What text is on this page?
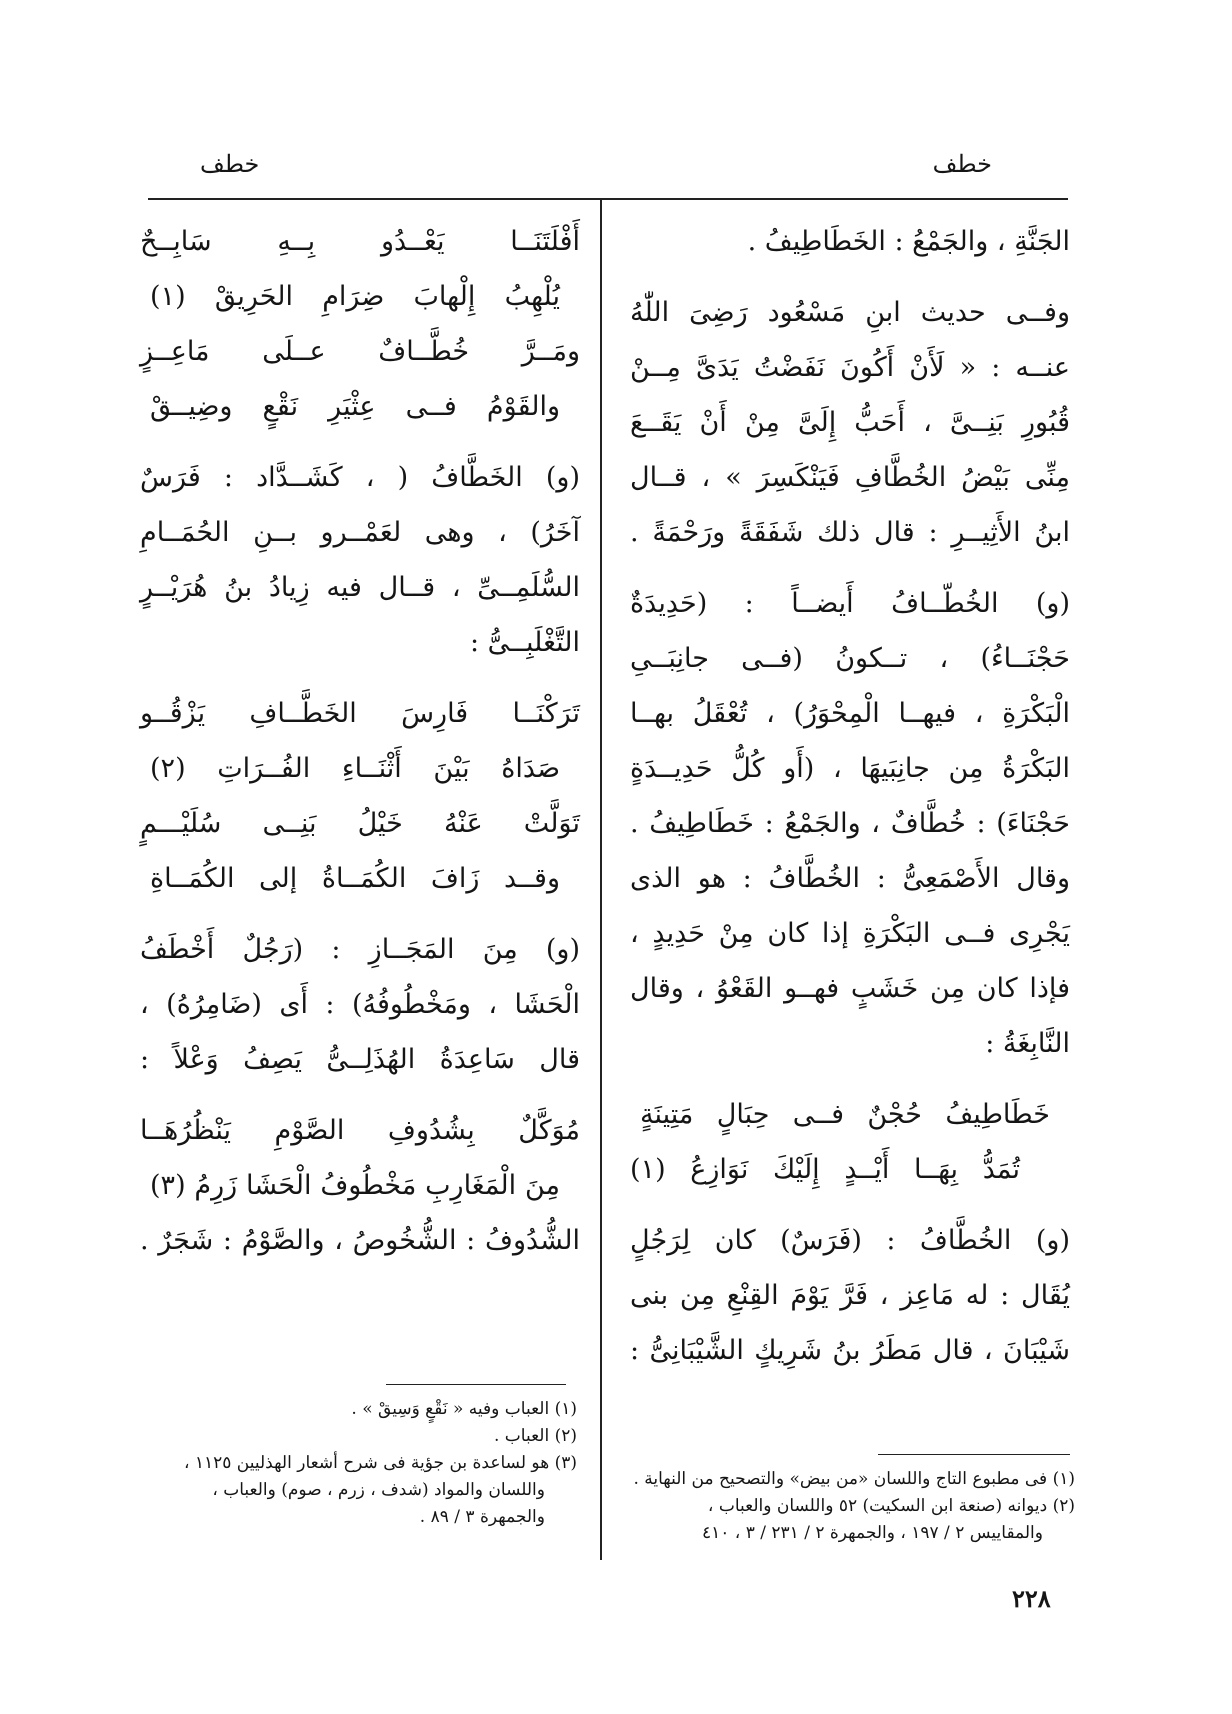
خطف
خطف

الجَنَّةِ ، والجَمْعُ : الخَطَاطِيفُ .

وفــى حديث ابنِ مَسْعُود رَضِىَ اللّٰهُ

عنــه : « لَأَنْ أَكُونَ نَفَضْتُ يَدَىَّ مِــنْ

قُبُورِ بَنِــىَّ ، أَحَبُّ إِلَىَّ مِنْ أَنْ يَقَــعَ

مِنِّى بَيْضُ الخُطَّافِ فَيَنْكَسِرَ » ، قــال

ابنُ الأَثِيــرِ : قال ذلك شَفَقَةً ورَحْمَةً .

(و) الخُطّــافُ أَيضــاً : (حَدِيدَةٌ

حَجْنَــاءُ) ، تــكونُ (فــى جانِبَــىِ

الْبَكْرَةِ ، فيهــا الْمِحْوَرُ) ، تُعْقَلُ بهــا

البَكْرَةُ مِن جانِبَيهَا ، (أَو كُلُّ حَدِيــدَةٍ

حَجْنَاءَ) : خُطَّافٌ ، والجَمْعُ : خَطَاطِيفُ .

وقال الأَصْمَعِىُّ : الخُطَّافُ : هو الذى

يَجْرِى فــى البَكْرَةِ إذا كان مِنْ حَدِيدٍ ،

فإذا كان مِن خَشَبٍ فهــو القَعْوُ ، وقال

النَّابِغَةُ :

خَطَاطِيفُ حُجْنٌ فــى حِبَالٍ مَتِينَةٍ

تُمَدُّ بِهَــا أَيْــدٍ إِلَيْكَ نَوَازِعُ (١)

(و) الخُطَّافُ : (فَرَسٌ) كان لِرَجُلٍ

يُقَال : له مَاعِز ، فَرَّ يَوْمَ القِنْعِ مِن بنى

شَيْبَانَ ، قال مَطَرُ بنُ شَرِيكٍ الشَّيْبَانِىُّ :

أَفْلَتَنَــا يَعْــدُو بِــهِ سَابِــحٌ

يُلْهِبُ إِلْهابَ ضِرَامِ الحَرِيقْ (١)

ومَــرَّ خُطَّــافٌ عــلَى مَاعِــزٍ

والقَوْمُ فــى عِثْيَرِ نَقْعٍ وضِيــقْ

(و) الخَطَّافُ ( ، كَشَــدَّاد : فَرَسٌ

آخَرُ) ، وهى لعَمْــرو بــنِ الحُمَــامِ

السُّلَمِــىِّ ، قــال فيه زِيادُ بنُ هُرَيْــرٍ

التَّغْلَبِــىُّ :

تَرَكْنَــا فَارِسَ الخَطَّــافِ يَزْقُــو

صَدَاهُ بَيْنَ أَثْنَــاءِ الفُــرَاتِ (٢)

تَوَلَّتْ عَنْهُ خَيْلُ بَنِــى سُلَيْـــمٍ

وقــد زَافَ الكُمَــاةُ إلى الكُمَــاةِ

(و) مِنَ المَجَــازِ : (رَجُلٌ أَخْطَفُ

الْحَشَا ، ومَخْطُوفُهُ) : أَى (ضَامِرُهُ) ،

قال سَاعِدَةُ الهُذَلِــىُّ يَصِفُ وَعْلاً :

مُوَكَّلٌ بِشُدُوفِ الصَّوْمِ يَنْظُرُهَــا

مِنَ الْمَغَارِبِ مَخْطُوفُ الْحَشَا زَرِمُ (٣)

الشُّدُوفُ : الشُّخُوصُ ، والصَّوْمُ : شَجَرٌ .

(١) فى مطبوع التاج واللسان «من بيض» والتصحيح من النهاية .

(٢) ديوانه (صنعة ابن السكيت) ٥٢ واللسان والعباب ،

والمقاييس ٢ / ١٩٧ ، والجمهرة ٢ / ٢٣١ / ٣ ، ٤١٠

(١) العباب وفيه « نَقْعٍ وَسِيقْ » .

(٢) العباب .

(٣) هو لساعدة بن جؤية فى شرح أشعار الهذليين ١١٢٥ ،

واللسان والمواد (شدف ، زرم ، صوم) والعباب ،

والجمهرة ٣ / ٨٩ .

٢٢٨
